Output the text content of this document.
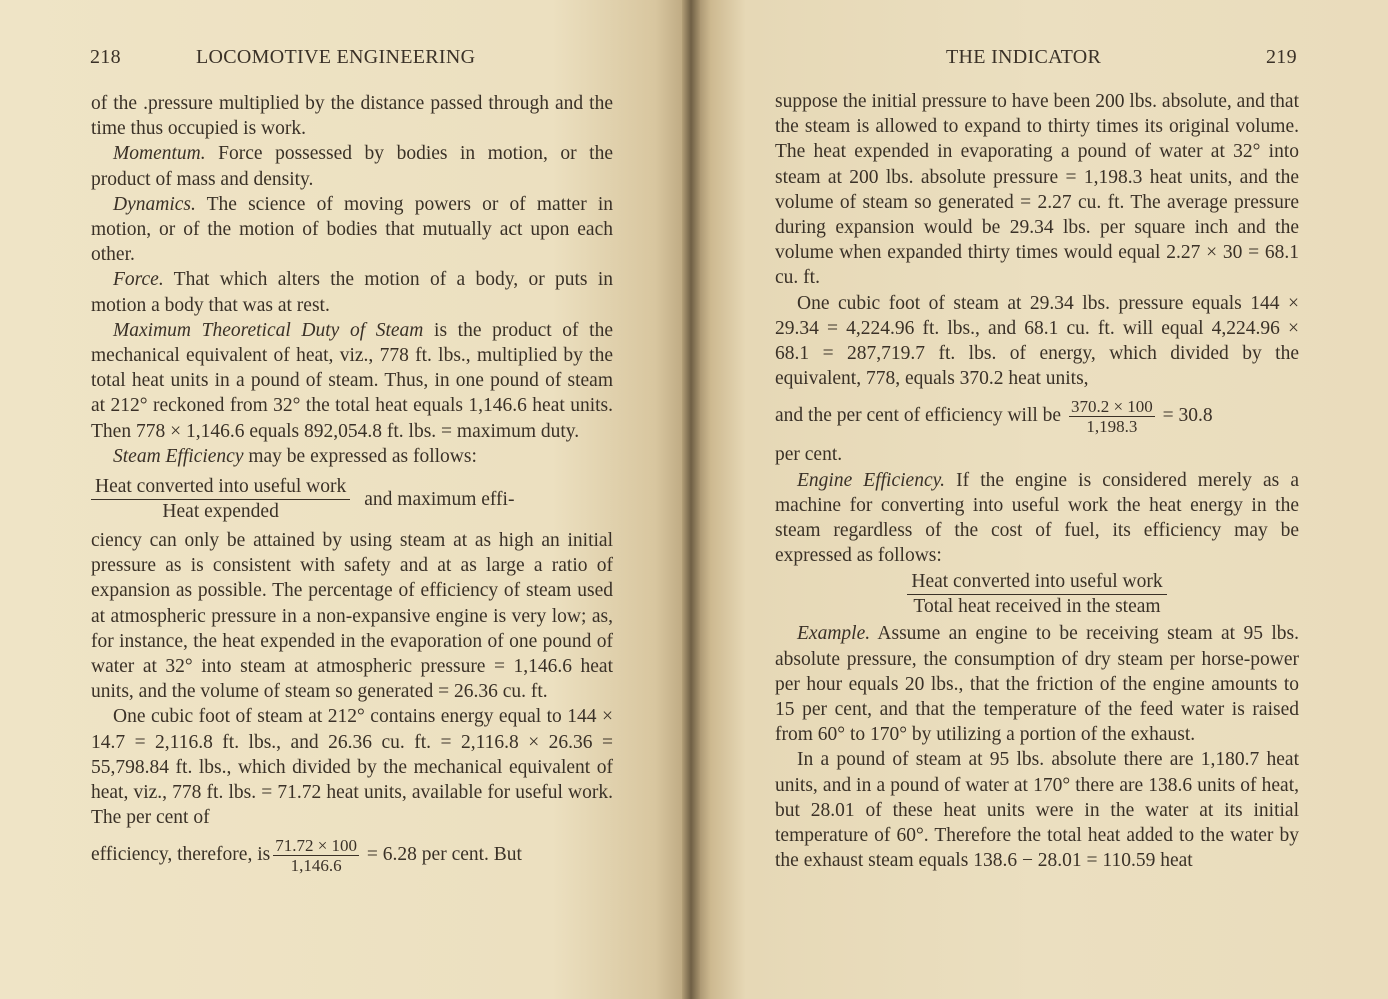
218	LOCOMOTIVE ENGINEERING

of the .pressure multiplied by the distance passed through and the time thus occupied is work.

Momentum. Force possessed by bodies in motion, or the product of mass and density.

Dynamics. The science of moving powers or of matter in motion, or of the motion of bodies that mutually act upon each other.

Force. That which alters the motion of a body, or puts in motion a body that was at rest.

Maximum Theoretical Duty of Steam is the product of the mechanical equivalent of heat, viz., 778 ft. lbs., multiplied by the total heat units in a pound of steam. Thus, in one pound of steam at 212° reckoned from 32° the total heat equals 1,146.6 heat units. Then 778 × 1,146.6 equals 892,054.8 ft. lbs. = maximum duty.

Steam Efficiency may be expressed as follows:

$\frac{\text{Heat converted into useful work}}{\text{Heat expended}}$ and maximum effi-

ciency can only be attained by using steam at as high an initial pressure as is consistent with safety and at as large a ratio of expansion as possible. The percentage of efficiency of steam used at atmospheric pressure in a non-expansive engine is very low; as, for instance, the heat expended in the evaporation of one pound of water at 32° into steam at atmospheric pressure = 1,146.6 heat units, and the volume of steam so generated = 26.36 cu. ft.

One cubic foot of steam at 212° contains energy equal to 144 × 14.7 = 2,116.8 ft. lbs., and 26.36 cu. ft. = 2,116.8 × 26.36 = 55,798.84 ft. lbs., which divided by the mechanical equivalent of heat, viz., 778 ft. lbs. = 71.72 heat units, available for useful work. The per cent of

efficiency, therefore, is $\frac{71.72 \times 100}{1,146.6} = 6.28$ per cent. But

THE INDICATOR	219

suppose the initial pressure to have been 200 lbs. absolute, and that the steam is allowed to expand to thirty times its original volume. The heat expended in evaporating a pound of water at 32° into steam at 200 lbs. absolute pressure = 1,198.3 heat units, and the volume of steam so generated = 2.27 cu. ft. The average pressure during expansion would be 29.34 lbs. per square inch and the volume when expanded thirty times would equal 2.27 × 30 = 68.1 cu. ft.

One cubic foot of steam at 29.34 lbs. pressure equals 144 × 29.34 = 4,224.96 ft. lbs., and 68.1 cu. ft. will equal 4,224.96 × 68.1 = 287,719.7 ft. lbs. of energy, which divided by the equivalent, 778, equals 370.2 heat units,

and the per cent of efficiency will be $\frac{370.2 \times 100}{1,198.3} = 30.8$

per cent.

Engine Efficiency. If the engine is considered merely as a machine for converting into useful work the heat energy in the steam regardless of the cost of fuel, its efficiency may be expressed as follows:

$\frac{\text{Heat converted into useful work}}{\text{Total heat received in the steam}}$

Example. Assume an engine to be receiving steam at 95 lbs. absolute pressure, the consumption of dry steam per horse-power per hour equals 20 lbs., that the friction of the engine amounts to 15 per cent, and that the temperature of the feed water is raised from 60° to 170° by utilizing a portion of the exhaust.

In a pound of steam at 95 lbs. absolute there are 1,180.7 heat units, and in a pound of water at 170° there are 138.6 units of heat, but 28.01 of these heat units were in the water at its initial temperature of 60°. Therefore the total heat added to the water by the exhaust steam equals 138.6 − 28.01 = 110.59 heat
